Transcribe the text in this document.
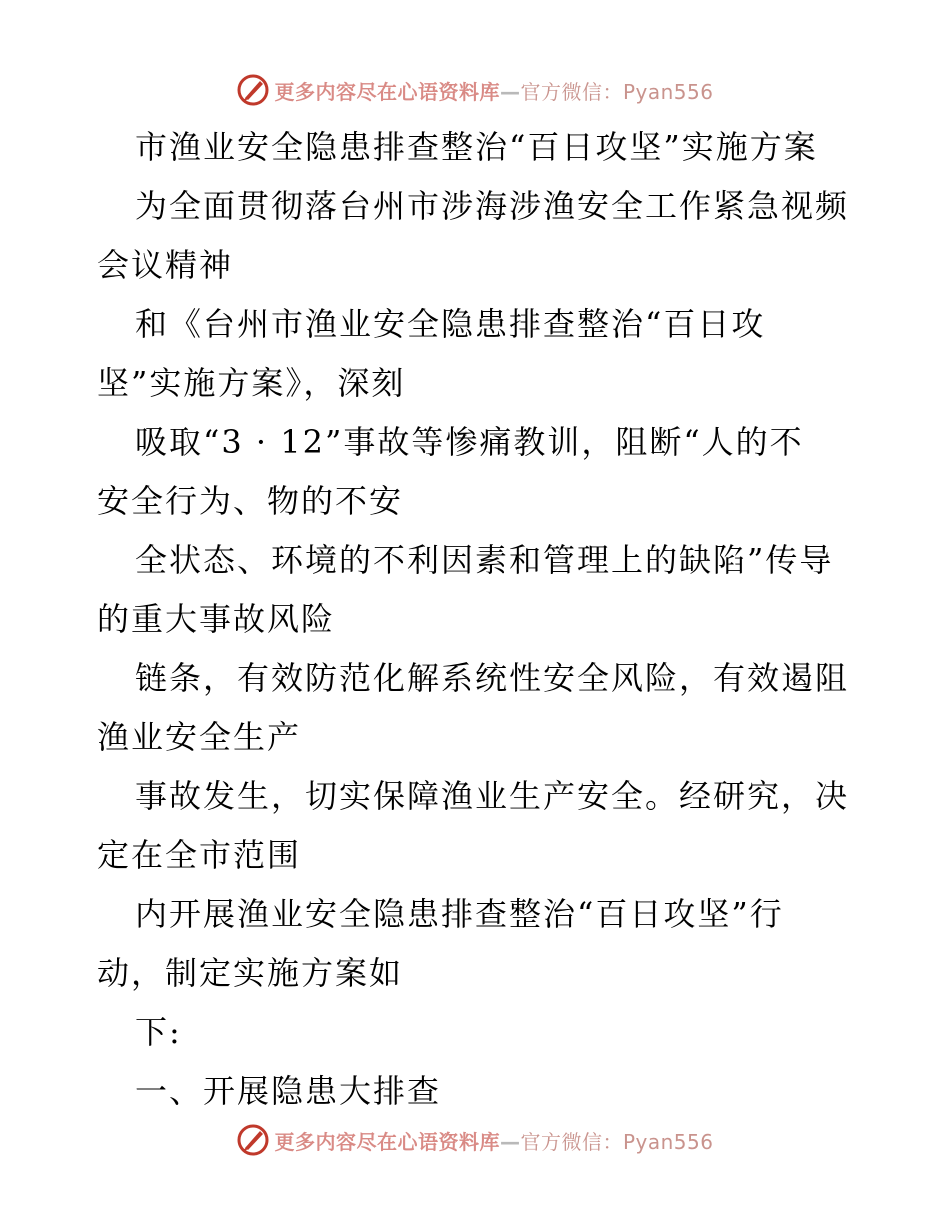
更多内容尽在心语资料库—官方微信：Pyan556
市渔业安全隐患排查整治“百日攻坚”实施方案
为全面贯彻落台州市涉海涉渔安全工作紧急视频
会议精神
和《台州市渔业安全隐患排查整治“百日攻
坚”实施方案》，深刻
吸取“3 · 12”事故等惨痛教训，阻断“人的不
安全行为、物的不安
全状态、环境的不利因素和管理上的缺陷”传导
的重大事故风险
链条，有效防范化解系统性安全风险，有效遏阻
渔业安全生产
事故发生，切实保障渔业生产安全。经研究，决
定在全市范围
内开展渔业安全隐患排查整治“百日攻坚”行
动，制定实施方案如
下:
一、开展隐患大排查
更多内容尽在心语资料库—官方微信：Pyan556
